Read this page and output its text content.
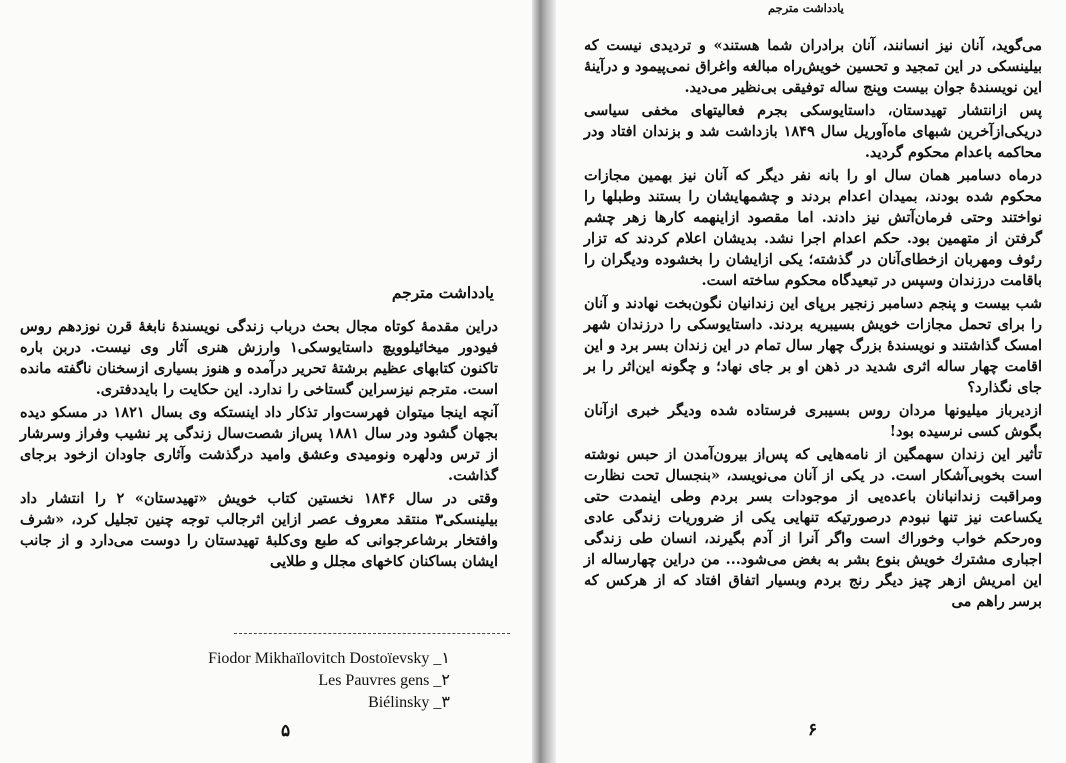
یادداشت مترجم

دراین مقدمهٔ کوتاه مجال بحث درباب زندگی نویسندهٔ نابغهٔ قرن نوزدهم روس فیودور میخائیلوویچ داستایوسکی۱ وارزش هنری آثار وی نیست. دربن باره تاکنون کتابهای عظیم برشتهٔ تحریر درآمده و هنوز بسیاری ازسخنان ناگفته مانده است. مترجم نیزسراین گستاخی را ندارد. این حکایت را بایددفتری.

آنچه اینجا میتوان فهرست‌وار تذکار داد اینستکه وی بسال ۱۸۲۱ در مسکو دیده بجهان گشود ودر سال ۱۸۸۱ پس‌از شصت‌سال زندگی پر نشیب وفراز وسرشار از ترس ودلهره ونومیدی وعشق وامید درگذشت وآثاری جاودان ازخود برجای گذاشت.

وقتی در سال ۱۸۴۶ نخستین کتاب خویش «تهیدستان» ۲ را انتشار داد بیلینسکی۳ منتقد معروف عصر ازاین اثرجالب توجه چنین تجلیل کرد، «شرف وافتخار برشاعرجوانی که طبع وی‌کلبهٔ تهیدستان را دوست می‌دارد و از جانب ایشان بساکنان کاخهای مجلل و طلایی

Fiodor Mikhaïlovitch Dostoïevsky _۱

Les Pauvres gens _۲

Biélinsky _۳

۵
یادداشت مترجم

می‌گوید، آنان نیز انسانند، آنان برادران شما هستند» و تردیدی نیست که بیلینسکی در این تمجید و تحسین خویش‌راه مبالغه واغراق نمی‌پیمود و درآینهٔ این نویسندهٔ جوان بیست وپنج ساله توفیقی بی‌نظیر می‌دید.

پس ازانتشار تهیدستان، داستایوسکی بجرم فعالیتهای مخفی سیاسی دریکی‌ازآخرین شبهای ماه‌آوریل سال ۱۸۴۹ بازداشت شد و بزندان افتاد ودر محاکمه باعدام محکوم گردید.

درماه دسامبر همان سال او را بانه نفر دیگر که آنان نیز بهمین مجازات محکوم شده بودند، بمیدان اعدام بردند و چشمهایشان را بستند وطبلها را نواختند وحتی فرمان‌آتش نیز دادند. اما مقصود ازاینهمه کارها زهر چشم گرفتن از متهمین بود. حکم اعدام اجرا نشد. بدیشان اعلام کردند که تزار رئوف ومهربان ازخطای‌آنان در گذشته؛ یکی ازایشان را بخشوده ودیگران را باقامت درزندان وسپس در تبعیدگاه محکوم ساخته است.

شب بیست و پنجم دسامبر زنجیر برپای این زندانیان نگون‌بخت نهادند و آنان را برای تحمل مجازات خویش بسیبریه بردند. داستایوسکی را درزندان شهر امسک گذاشتند و نویسندهٔ بزرگ چهار سال تمام در این زندان بسر برد و این اقامت چهار ساله اثری شدید در ذهن او بر جای نهاد؛ و چگونه این‌اثر را بر جای نگذارد؟

ازدیرباز میلیونها مردان روس بسیبری فرستاده شده ودیگر خبری ازآنان بگوش کسی نرسیده بود!

تأثیر این زندان سهمگین از نامه‌هایی که پس‌از بیرون‌آمدن از حبس نوشته است بخوبی‌آشکار است. در یکی از آنان می‌نویسد، «بنجسال تحت نظارت ومراقبت زندانبانان باعده‌یی از موجودات بسر بردم وطی اینمدت حتی یکساعت نیز تنها نبودم درصورتیکه تنهایی یکی از ضروریات زندگی عادی وه‌رحکم خواب وخوراك است واگر آنرا از آدم بگیرند، انسان طی زندگی اجباری مشترك خویش بنوع بشر به بغض می‌شود... من دراین چهارساله از این امریش ازهر چیز دیگر رنج بردم وبسیار اتفاق افتاد که از هرکس که برسر راهم می‌

۶
